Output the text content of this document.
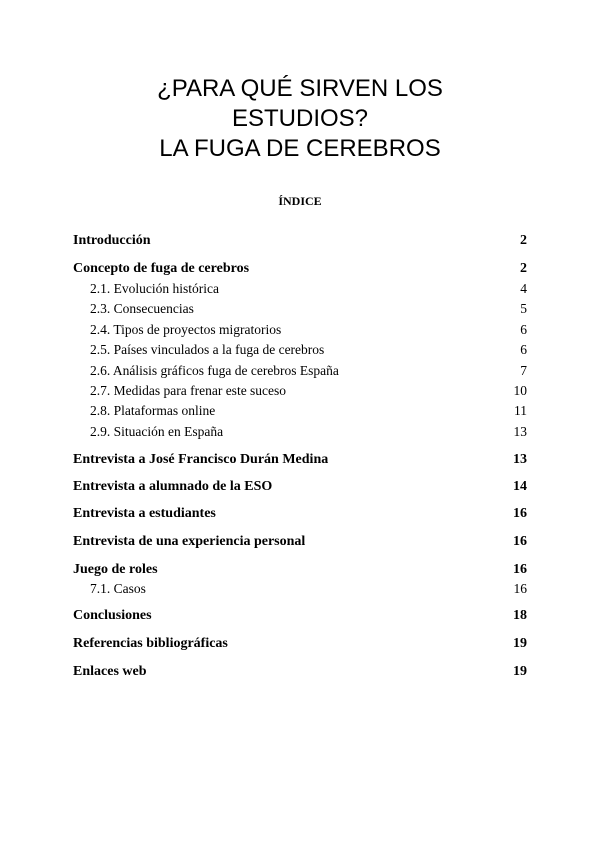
¿PARA QUÉ SIRVEN LOS
ESTUDIOS?
LA FUGA DE CEREBROS
ÍNDICE
Introducción	2
Concepto de fuga de cerebros	2
2.1. Evolución histórica	4
2.3. Consecuencias	5
2.4. Tipos de proyectos migratorios	6
2.5. Países vinculados a la fuga de cerebros	6
2.6. Análisis gráficos fuga de cerebros España	7
2.7. Medidas para frenar este suceso	10
2.8. Plataformas online	11
2.9. Situación en España	13
Entrevista a José Francisco Durán Medina	13
Entrevista a alumnado de la ESO	14
Entrevista a estudiantes	16
Entrevista de una experiencia personal	16
Juego de roles	16
7.1. Casos	16
Conclusiones	18
Referencias bibliográficas	19
Enlaces web	19
